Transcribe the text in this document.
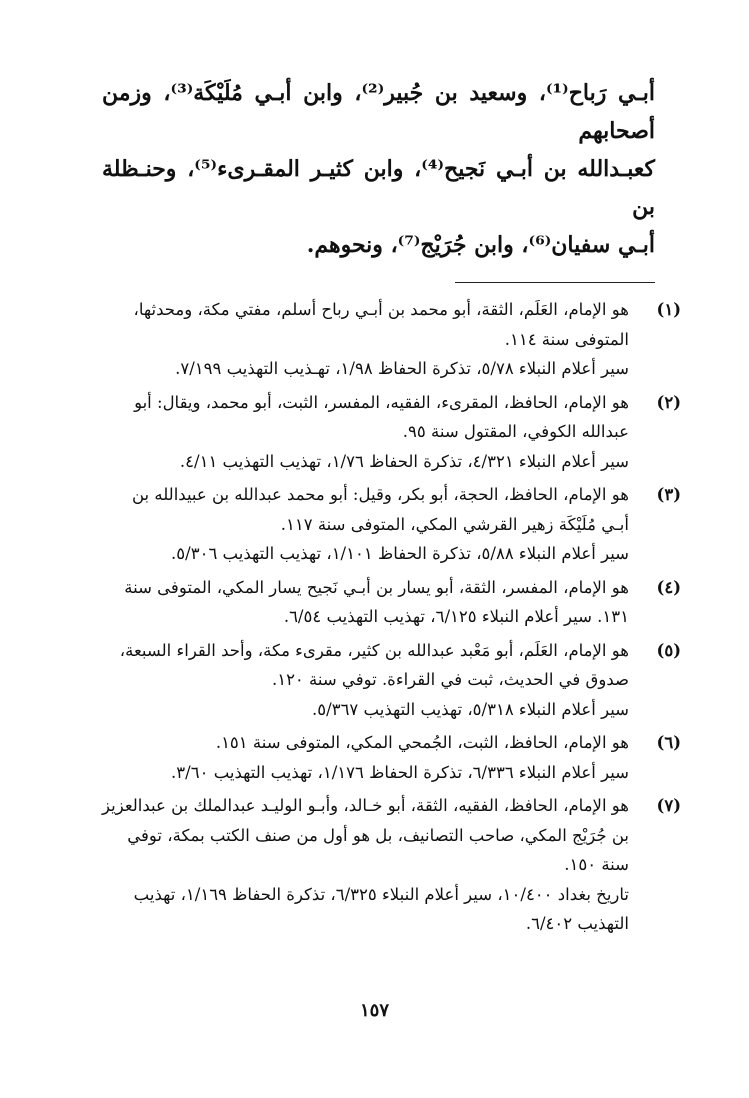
أبـي رَباح⁽¹⁾، وسعيد بن جُبير⁽²⁾، وابن أبـي مُلَيْكَة⁽³⁾، وزمن أصحابهم

كعبـدالله بن أبـي نَجيح⁽⁴⁾، وابن كثيـر المقـرىء⁽⁵⁾، وحنـظلة بن

أبـي سفيان⁽⁶⁾، وابن جُرَيْج⁽⁷⁾، ونحوهم.

(١)هو الإمام، العَلَم، الثقة، أبو محمد بن أبـي رباح أسلم، مفتي مكة، ومحدثها، المتوفى سنة ١١٤.

سير أعلام النبلاء ٥/٧٨، تذكرة الحفاظ ١/٩٨، تهـذيب التهذيب ٧/١٩٩.

(٢)هو الإمام، الحافظ، المقرىء، الفقيه، المفسر، الثبت، أبو محمد، ويقال: أبو عبدالله الكوفي، المقتول سنة ٩٥.

سير أعلام النبلاء ٤/٣٢١، تذكرة الحفاظ ١/٧٦، تهذيب التهذيب ٤/١١.

(٣)هو الإمام، الحافظ، الحجة، أبو بكر، وقيل: أبو محمد عبدالله بن عبيدالله بن أبـي مُلَيْكَة زهير القرشي المكي، المتوفى سنة ١١٧.

سير أعلام النبلاء ٥/٨٨، تذكرة الحفاظ ١/١٠١، تهذيب التهذيب ٥/٣٠٦.

(٤)هو الإمام، المفسر، الثقة، أبو يسار بن أبـي نَجيح يسار المكي، المتوفى سنة ١٣١. سير أعلام النبلاء ٦/١٢٥، تهذيب التهذيب ٦/٥٤.

(٥)هو الإمام، العَلَم، أبو مَعْبد عبدالله بن كثير، مقرىء مكة، وأحد القراء السبعة، صدوق في الحديث، ثبت في القراءة. توفي سنة ١٢٠.

سير أعلام النبلاء ٥/٣١٨، تهذيب التهذيب ٥/٣٦٧.

(٦)هو الإمام، الحافظ، الثبت، الجُمحي المكي، المتوفى سنة ١٥١.

سير أعلام النبلاء ٦/٣٣٦، تذكرة الحفاظ ١/١٧٦، تهذيب التهذيب ٣/٦٠.

(٧)هو الإمام، الحافظ، الفقيه، الثقة، أبو خـالد، وأبـو الوليـد عبدالملك بن عبدالعزيز بن جُرَيْج المكي، صاحب التصانيف، بل هو أول من صنف الكتب بمكة، توفي سنة ١٥٠.

تاريخ بغداد ١٠/٤٠٠، سير أعلام النبلاء ٦/٣٢٥، تذكرة الحفاظ ١/١٦٩، تهذيب التهذيب ٦/٤٠٢.

١٥٧
